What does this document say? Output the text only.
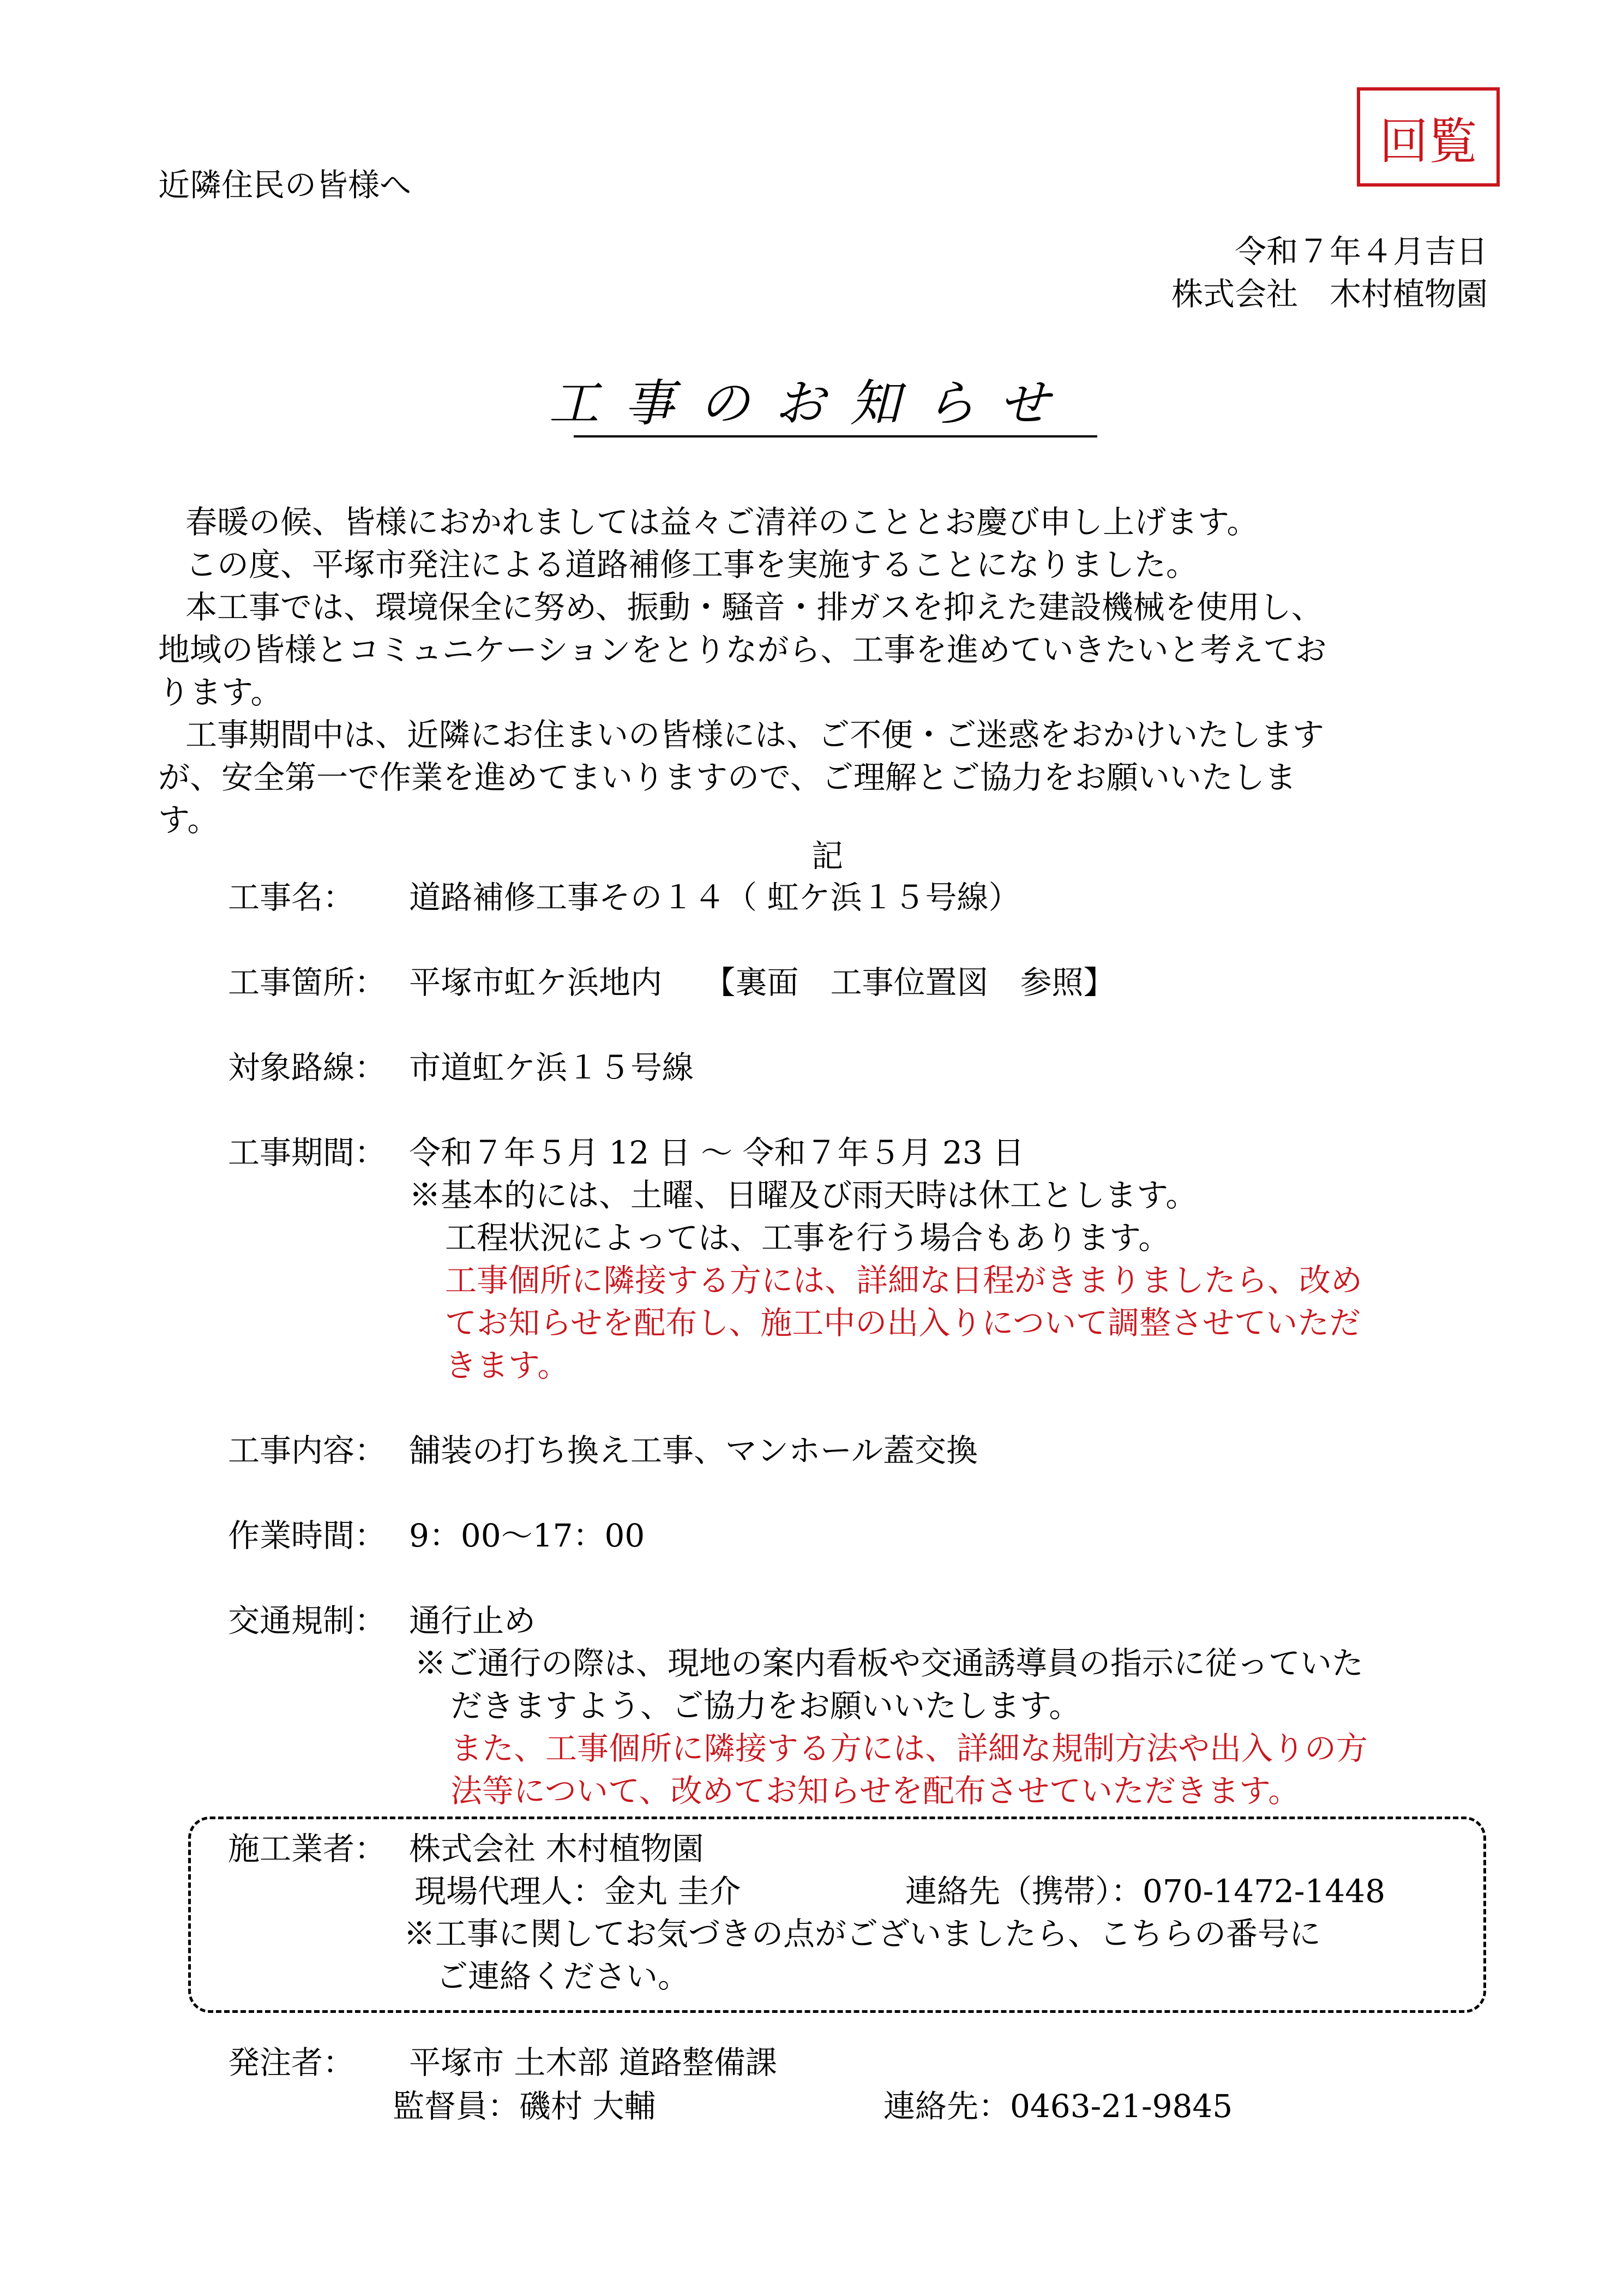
回覧
近隣住民の皆様へ
令和７年４月吉日
株式会社　木村植物園
工事のお知らせ
春暖の候、皆様におかれましては益々ご清祥のこととお慶び申し上げます。
この度、平塚市発注による道路補修工事を実施することになりました。
本工事では、環境保全に努め、振動・騒音・排ガスを抑えた建設機械を使用し、
地域の皆様とコミュニケーションをとりながら、工事を進めていきたいと考えてお
ります。
工事期間中は、近隣にお住まいの皆様には、ご不便・ご迷惑をおかけいたします
が、安全第一で作業を進めてまいりますので、ご理解とご協力をお願いいたしま
す。
記
工事名： 道路補修工事その１４（ 虹ケ浜１５号線）
工事箇所： 平塚市虹ケ浜地内　 【裏面　工事位置図　参照】
対象路線： 市道虹ケ浜１５号線
工事期間： 令和７年５月 12 日 ～ 令和７年５月 23 日
※基本的には、土曜、日曜及び雨天時は休工とします。
工程状況によっては、工事を行う場合もあります。
工事個所に隣接する方には、詳細な日程がきまりましたら、改め
てお知らせを配布し、施工中の出入りについて調整させていただ
きます。
工事内容： 舗装の打ち換え工事、マンホール蓋交換
作業時間： 9：00～17：00
交通規制： 通行止め
※ご通行の際は、現地の案内看板や交通誘導員の指示に従っていた
だきますよう、ご協力をお願いいたします。
また、工事個所に隣接する方には、詳細な規制方法や出入りの方
法等について、改めてお知らせを配布させていただきます。
施工業者： 株式会社 木村植物園
現場代理人：金丸 圭介	連絡先（携帯）：070-1472-1448
※工事に関してお気づきの点がございましたら、こちらの番号に
ご連絡ください。
発注者： 平塚市 土木部 道路整備課
監督員：磯村 大輔	連絡先：0463-21-9845
